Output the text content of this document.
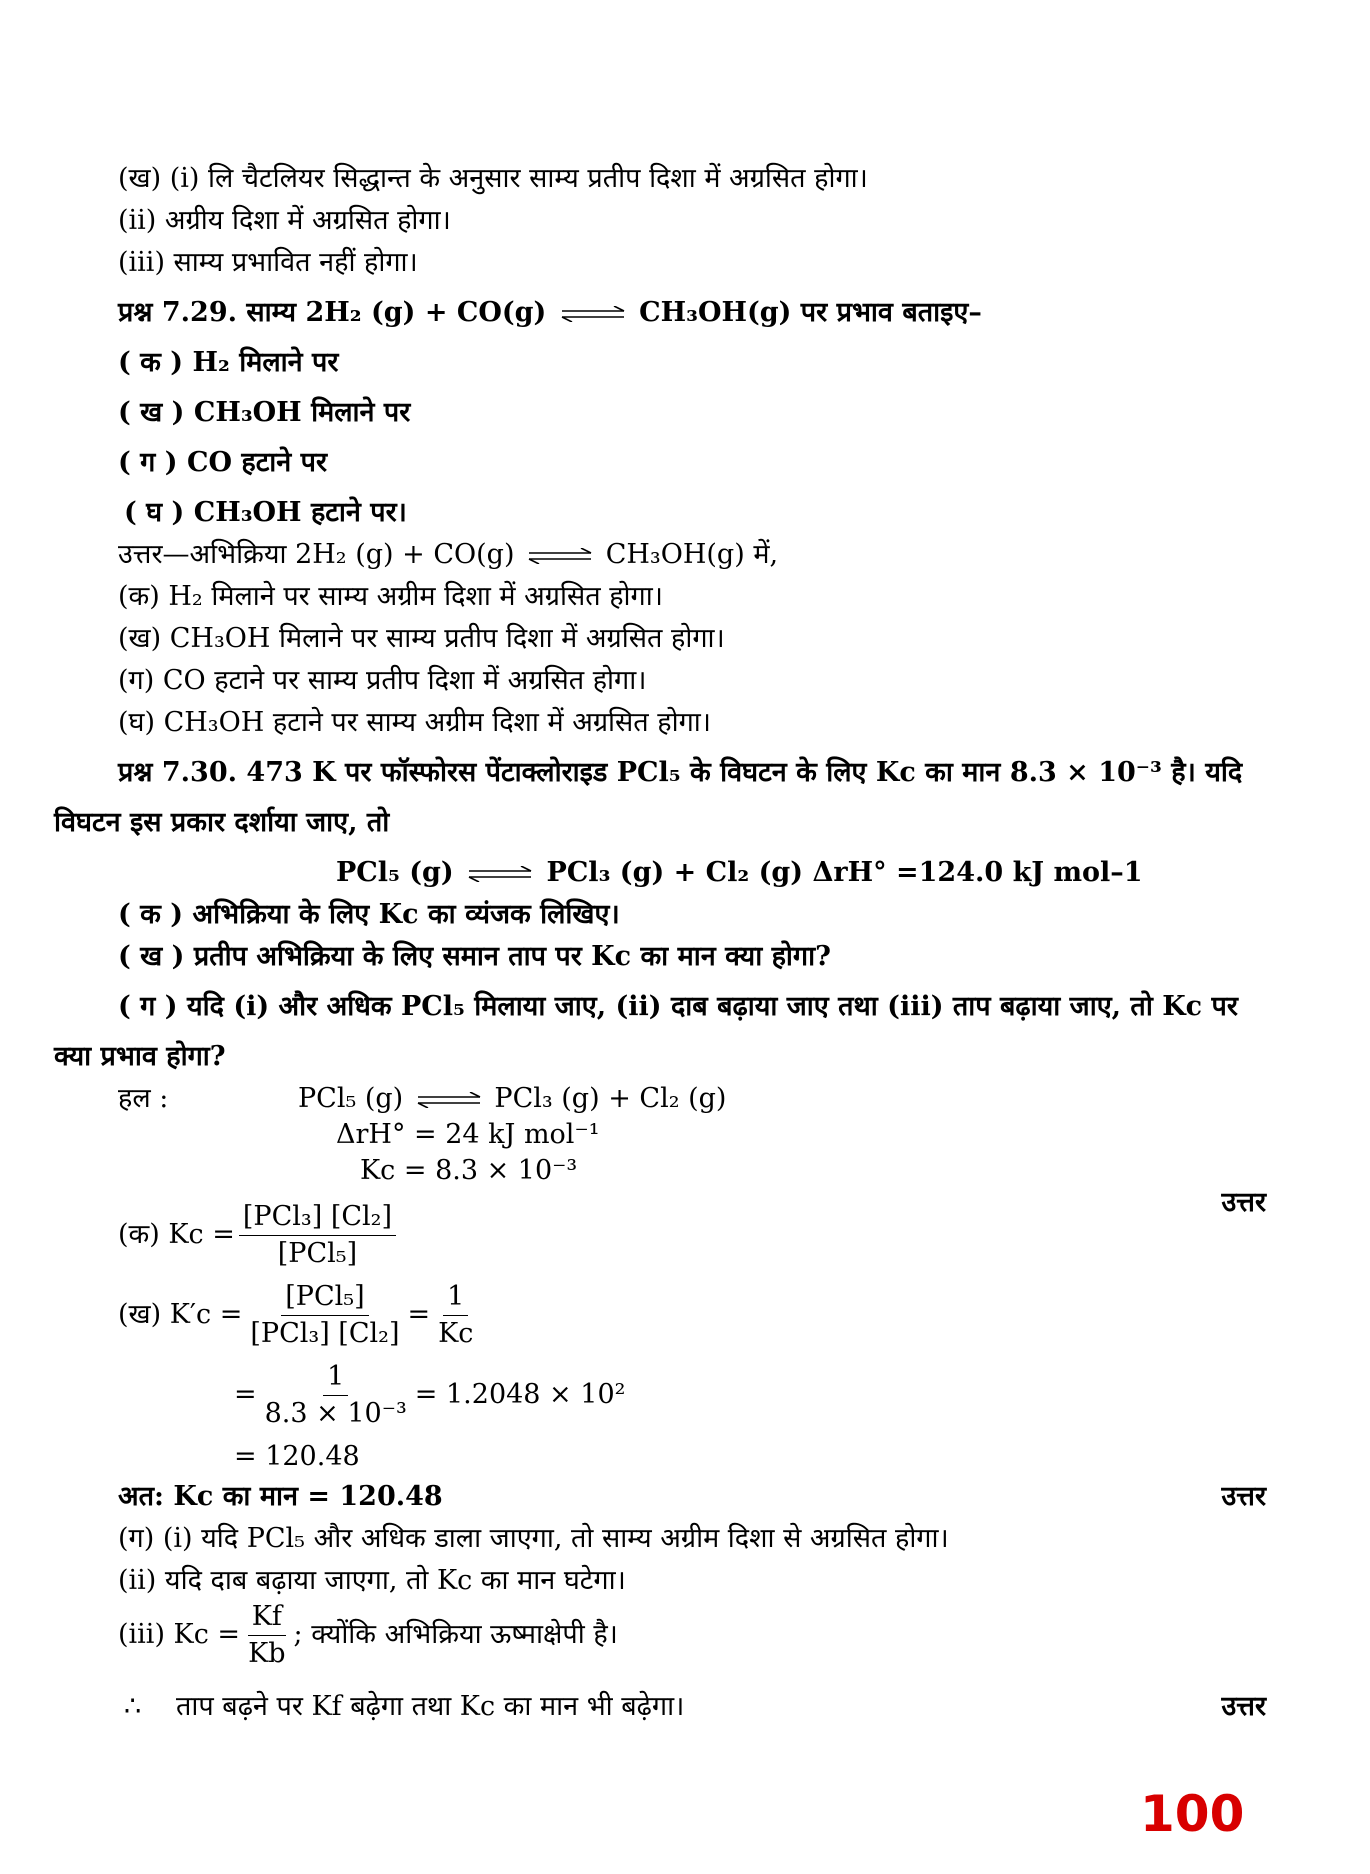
(ख) (i) लि चैटलियर सिद्धान्त के अनुसार साम्य प्रतीप दिशा में अग्रसित होगा।
(ii) अग्रीय दिशा में अग्रसित होगा।
(iii) साम्य प्रभावित नहीं होगा।
प्रश्न 7.29. साम्य 2H₂ (g) + CO(g) ⇌ CH₃OH(g) पर प्रभाव बताइए–
( क ) H₂ मिलाने पर
( ख ) CH₃OH मिलाने पर
( ग ) CO हटाने पर
( घ ) CH₃OH हटाने पर।
उत्तर—अभिक्रिया 2H₂ (g) + CO(g) ⇌ CH₃OH(g) में,
(क) H₂ मिलाने पर साम्य अग्रीम दिशा में अग्रसित होगा।
(ख) CH₃OH मिलाने पर साम्य प्रतीप दिशा में अग्रसित होगा।
(ग) CO हटाने पर साम्य प्रतीप दिशा में अग्रसित होगा।
(घ) CH₃OH हटाने पर साम्य अग्रीम दिशा में अग्रसित होगा।
प्रश्न 7.30. 473 K पर फॉस्फोरस पेंटाक्लोराइड PCl₅ के विघटन के लिए Kc का मान 8.3 × 10⁻³ है। यदि
विघटन इस प्रकार दर्शाया जाए, तो
PCl₅ (g) ⇌ PCl₃ (g) + Cl₂ (g) ΔrH° =124.0 kJ mol–1
( क ) अभिक्रिया के लिए Kc का व्यंजक लिखिए।
( ख ) प्रतीप अभिक्रिया के लिए समान ताप पर Kc का मान क्या होगा?
( ग ) यदि (i) और अधिक PCl₅ मिलाया जाए, (ii) दाब बढ़ाया जाए तथा (iii) ताप बढ़ाया जाए, तो Kc पर
क्या प्रभाव होगा?
हल :	PCl₅ (g) ⇌ PCl₃ (g) + Cl₂ (g)
ΔrH° = 24 kJ mol⁻¹
Kc = 8.3 × 10⁻³
(क) $Kc = \frac{\text{[PCl₃] [Cl₂]}}{\text{[PCl₅]}}$	उत्तर
(ख) $K'c = \frac{\text{[PCl₅]}}{\text{[PCl₃] [Cl₂]}} = \frac{1}{Kc}$
= $\frac{1}{\text{8.3 × 10⁻³}} = 1.2048 \times 10^2$
= 120.48
अत: Kc का मान = 120.48	उत्तर
(ग) (i) यदि PCl₅ और अधिक डाला जाएगा, तो साम्य अग्रीम दिशा से अग्रसित होगा।
(ii) यदि दाब बढ़ाया जाएगा, तो Kc का मान घटेगा।
(iii) $Kc = \frac{Kf}{Kb}$ ; क्योंकि अभिक्रिया ऊष्माक्षेपी है।
∴ ताप बढ़ने पर Kf बढ़ेगा तथा Kc का मान भी बढ़ेगा।	उत्तर
100
